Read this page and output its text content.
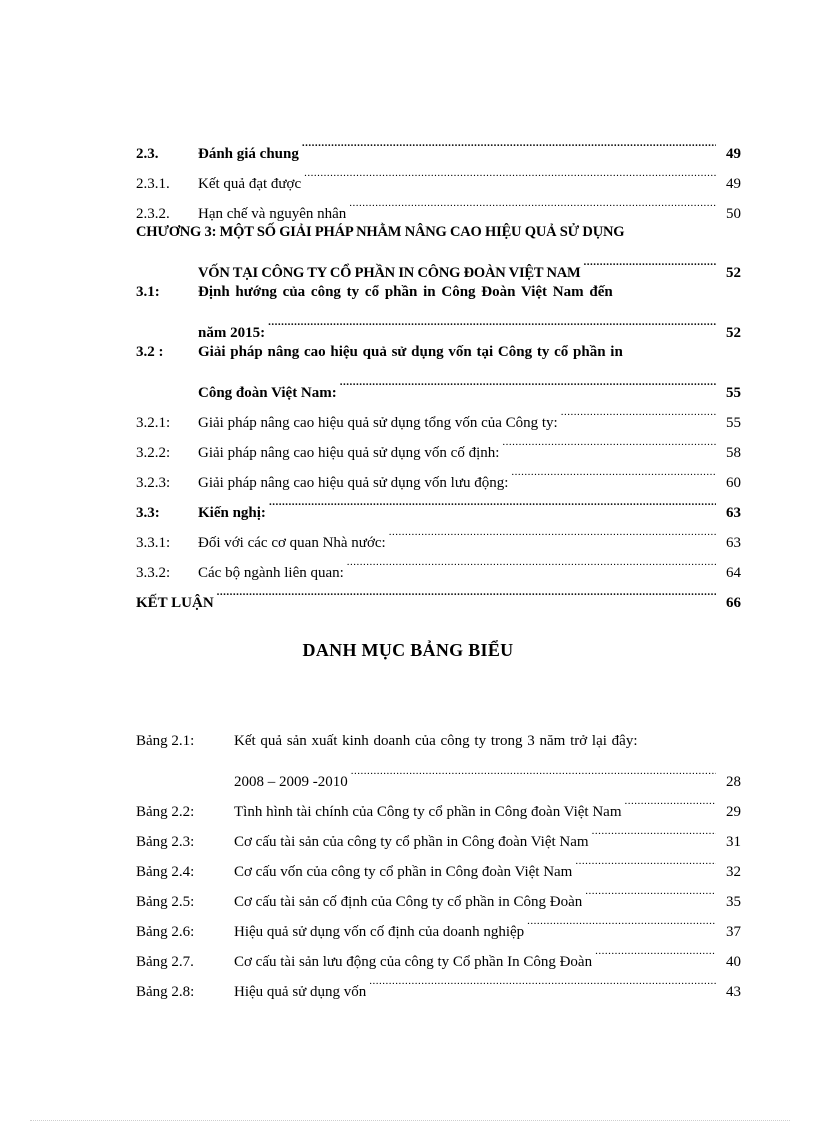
2.3.	Đánh giá chung .....	49
2.3.1.	Kết quả đạt được .....	49
2.3.2.	Hạn chế và nguyên nhân .....	50
CHƯƠNG 3: MỘT SỐ GIẢI PHÁP NHẰM NÂNG CAO HIỆU QUẢ SỬ DỤNG
VỐN TẠI CÔNG TY CỔ PHẦN IN CÔNG ĐOÀN VIỆT NAM .....	52
3.1:	Định hướng của công ty cổ phần in Công Đoàn Việt Nam đến
năm 2015: .....	52
3.2 :	Giải pháp nâng cao hiệu quả sử dụng vốn tại Công ty cổ phần in
Công đoàn Việt Nam: .....	55
3.2.1:	Giải pháp nâng cao hiệu quả sử dụng tổng vốn của Công ty: .....	55
3.2.2:	Giải pháp nâng cao hiệu quả sử dụng vốn cố định: .....	58
3.2.3:	Giải pháp nâng cao hiệu quả sử dụng vốn lưu động: .....	60
3.3:	Kiến nghị: .....	63
3.3.1:	Đối với các cơ quan Nhà nước: .....	63
3.3.2:	Các bộ ngành liên quan: .....	64
KẾT LUẬN .....	66
DANH MỤC BẢNG BIỂU
Bảng 2.1:	Kết quả sản xuất kinh doanh của công ty trong 3 năm trở lại đây:
2008 – 2009 -2010 .....	28
Bảng 2.2:	Tình hình tài chính của Công ty cổ phần in Công đoàn Việt Nam .....	29
Bảng 2.3:	Cơ cấu tài sản của công ty cổ phần in Công đoàn Việt Nam .....	31
Bảng 2.4:	Cơ cấu vốn của công ty cổ phần in Công đoàn Việt Nam .....	32
Bảng 2.5:	Cơ cấu tài sản cố định của Công ty cổ phần in Công Đoàn .....	35
Bảng 2.6:	Hiệu quả sử dụng vốn cố định của doanh nghiệp .....	37
Bảng 2.7.	Cơ cấu tài sản lưu động của công ty Cổ phần In Công Đoàn .....	40
Bảng 2.8:	Hiệu quả sử dụng vốn .....	43
